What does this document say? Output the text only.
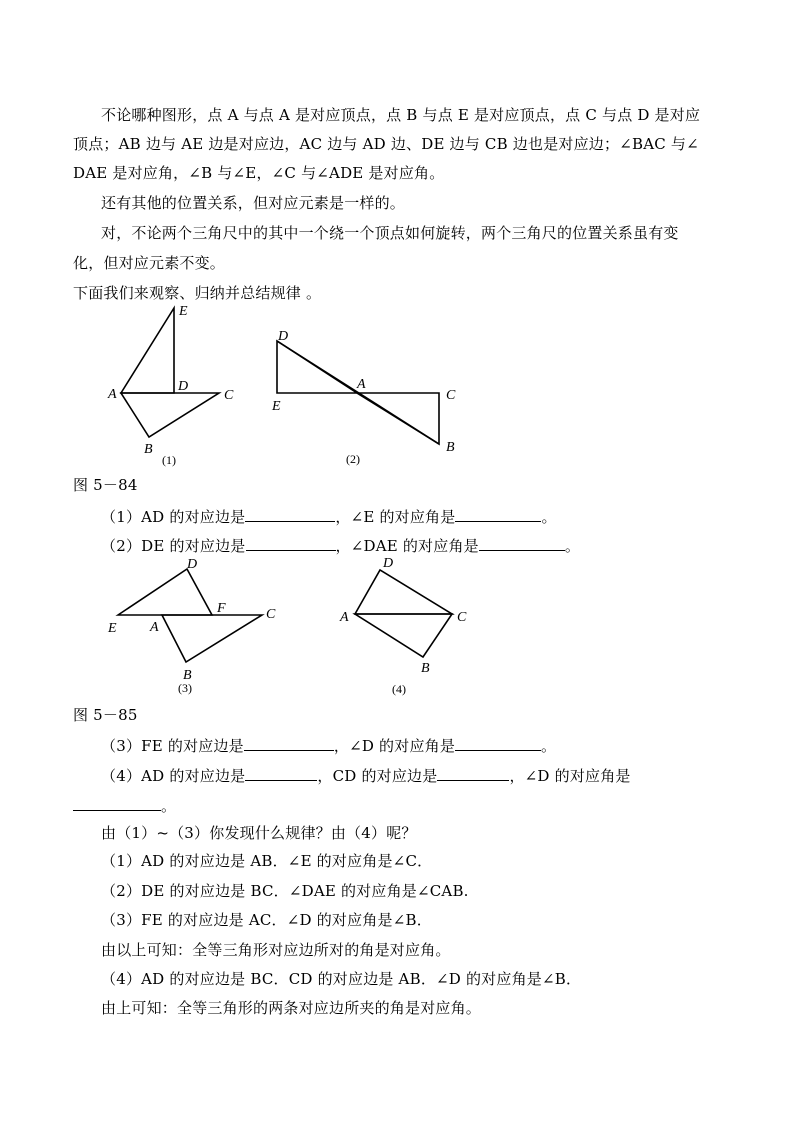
不论哪种图形，点 A 与点 A 是对应顶点，点 B 与点 E 是对应顶点，点 C 与点 D 是对应
顶点；AB 边与 AE 边是对应边，AC 边与 AD 边、DE 边与 CB 边也是对应边；∠BAC 与∠
DAE 是对应角，∠B 与∠E，∠C 与∠ADE 是对应角。
还有其他的位置关系，但对应元素是一样的。
对，不论两个三角尺中的其中一个绕一个顶点如何旋转，两个三角尺的位置关系虽有变
化，但对应元素不变。
下面我们来观察、归纳并总结规律 。
E
D
A	C
B
(1)
D
A
C
E
B
(2)
图 5－84
（1）AD 的对应边是	，∠E 的对应角是	。
（2）DE 的对应边是	，∠DAE 的对应角是	。
D
F	C
E A
B
(3)
D
A	C
B
(4)
图 5－85
（3）FE 的对应边是	，∠D 的对应角是	。
（4）AD 的对应边是	，CD 的对应边是	，∠D 的对应角是
。
由（1）~（3）你发现什么规律？由（4）呢？
（1）AD 的对应边是 AB．∠E 的对应角是∠C．
（2）DE 的对应边是 BC．∠DAE 的对应角是∠CAB.
（3）FE 的对应边是 AC．∠D 的对应角是∠B．
由以上可知：全等三角形对应边所对的角是对应角。
（4）AD 的对应边是 BC．CD 的对应边是 AB．∠D 的对应角是∠B．
由上可知：全等三角形的两条对应边所夹的角是对应角。
